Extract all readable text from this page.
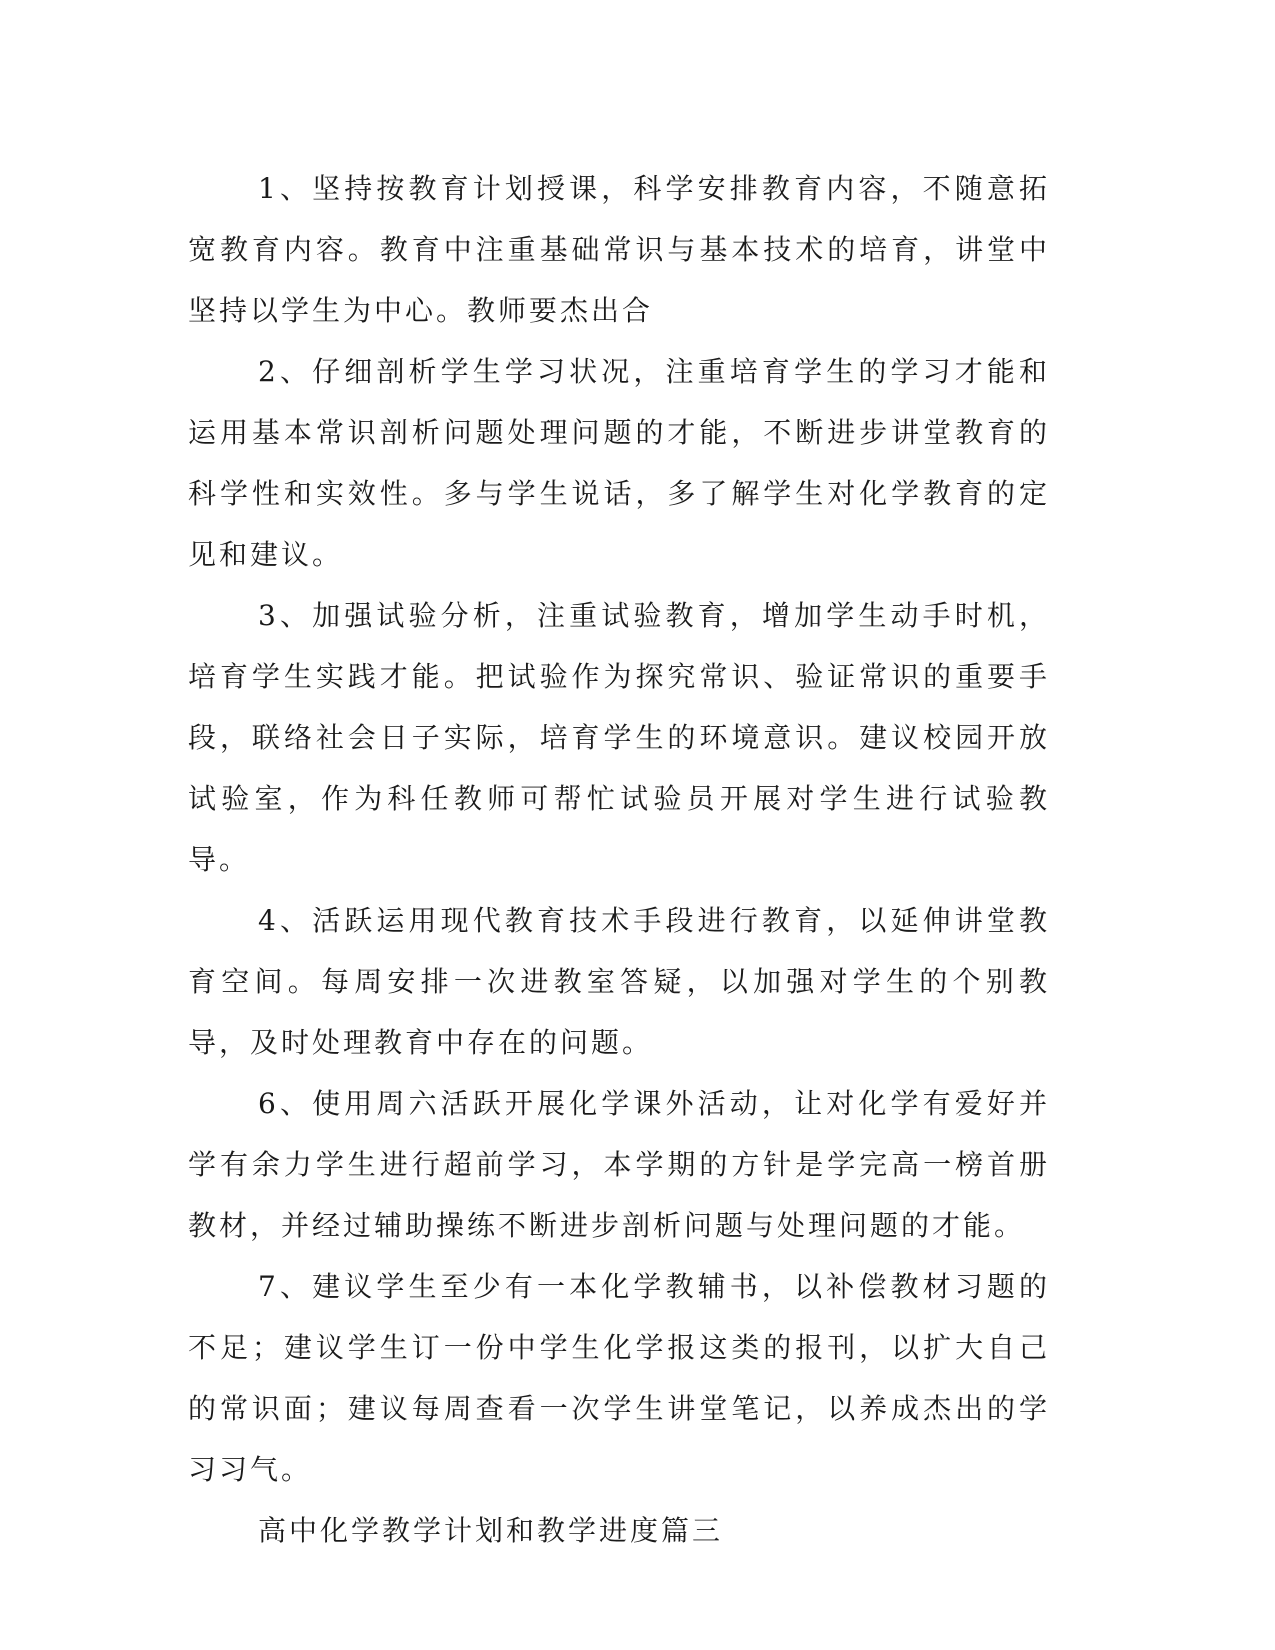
1、坚持按教育计划授课，科学安排教育内容，不随意拓宽教育内容。教育中注重基础常识与基本技术的培育，讲堂中坚持以学生为中心。教师要杰出合

2、仔细剖析学生学习状况，注重培育学生的学习才能和运用基本常识剖析问题处理问题的才能，不断进步讲堂教育的科学性和实效性。多与学生说话，多了解学生对化学教育的定见和建议。

3、加强试验分析，注重试验教育，增加学生动手时机，培育学生实践才能。把试验作为探究常识、验证常识的重要手段，联络社会日子实际，培育学生的环境意识。建议校园开放试验室，作为科任教师可帮忙试验员开展对学生进行试验教导。

4、活跃运用现代教育技术手段进行教育，以延伸讲堂教育空间。每周安排一次进教室答疑，以加强对学生的个别教导，及时处理教育中存在的问题。

6、使用周六活跃开展化学课外活动，让对化学有爱好并学有余力学生进行超前学习，本学期的方针是学完高一榜首册教材，并经过辅助操练不断进步剖析问题与处理问题的才能。

7、建议学生至少有一本化学教辅书，以补偿教材习题的不足；建议学生订一份中学生化学报这类的报刊，以扩大自己的常识面；建议每周查看一次学生讲堂笔记，以养成杰出的学习习气。

高中化学教学计划和教学进度篇三
